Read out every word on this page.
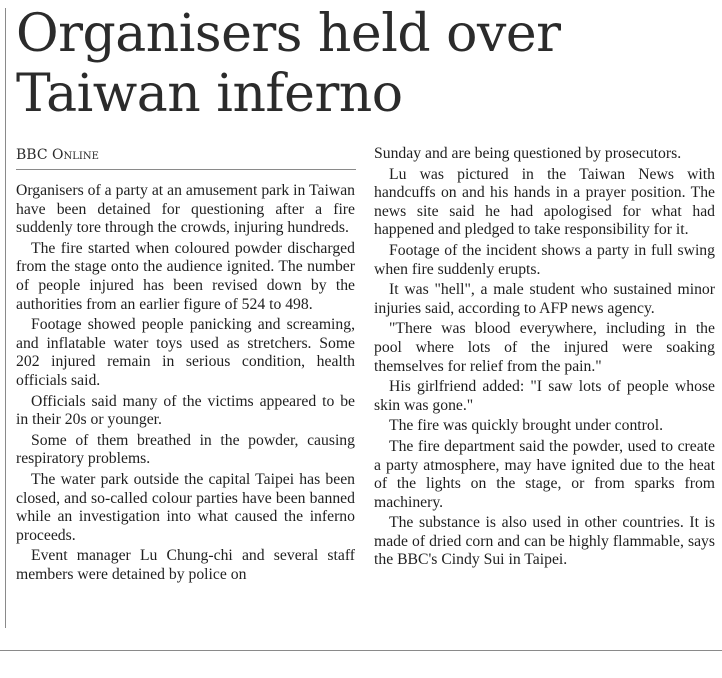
Organisers held over
Taiwan inferno
BBC Online

Organisers of a party at an amusement park in Taiwan have been detained for questioning after a fire suddenly tore through the crowds, injuring hundreds.

The fire started when coloured powder discharged from the stage onto the audience ignited. The number of people injured has been revised down by the authorities from an earlier figure of 524 to 498.

Footage showed people panicking and screaming, and inflatable water toys used as stretchers. Some 202 injured remain in serious condition, health officials said.

Officials said many of the victims appeared to be in their 20s or younger.

Some of them breathed in the powder, causing respiratory problems.

The water park outside the capital Taipei has been closed, and so-called colour parties have been banned while an investigation into what caused the inferno proceeds.

Event manager Lu Chung-chi and several staff members were detained by police on

Sunday and are being questioned by prosecutors.

Lu was pictured in the Taiwan News with handcuffs on and his hands in a prayer position. The news site said he had apologised for what had happened and pledged to take responsibility for it.

Footage of the incident shows a party in full swing when fire suddenly erupts.

It was "hell", a male student who sustained minor injuries said, according to AFP news agency.

"There was blood everywhere, including in the pool where lots of the injured were soaking themselves for relief from the pain."

His girlfriend added: "I saw lots of people whose skin was gone."

The fire was quickly brought under control.

The fire department said the powder, used to create a party atmosphere, may have ignited due to the heat of the lights on the stage, or from sparks from machinery.

The substance is also used in other countries. It is made of dried corn and can be highly flammable, says the BBC's Cindy Sui in Taipei.
